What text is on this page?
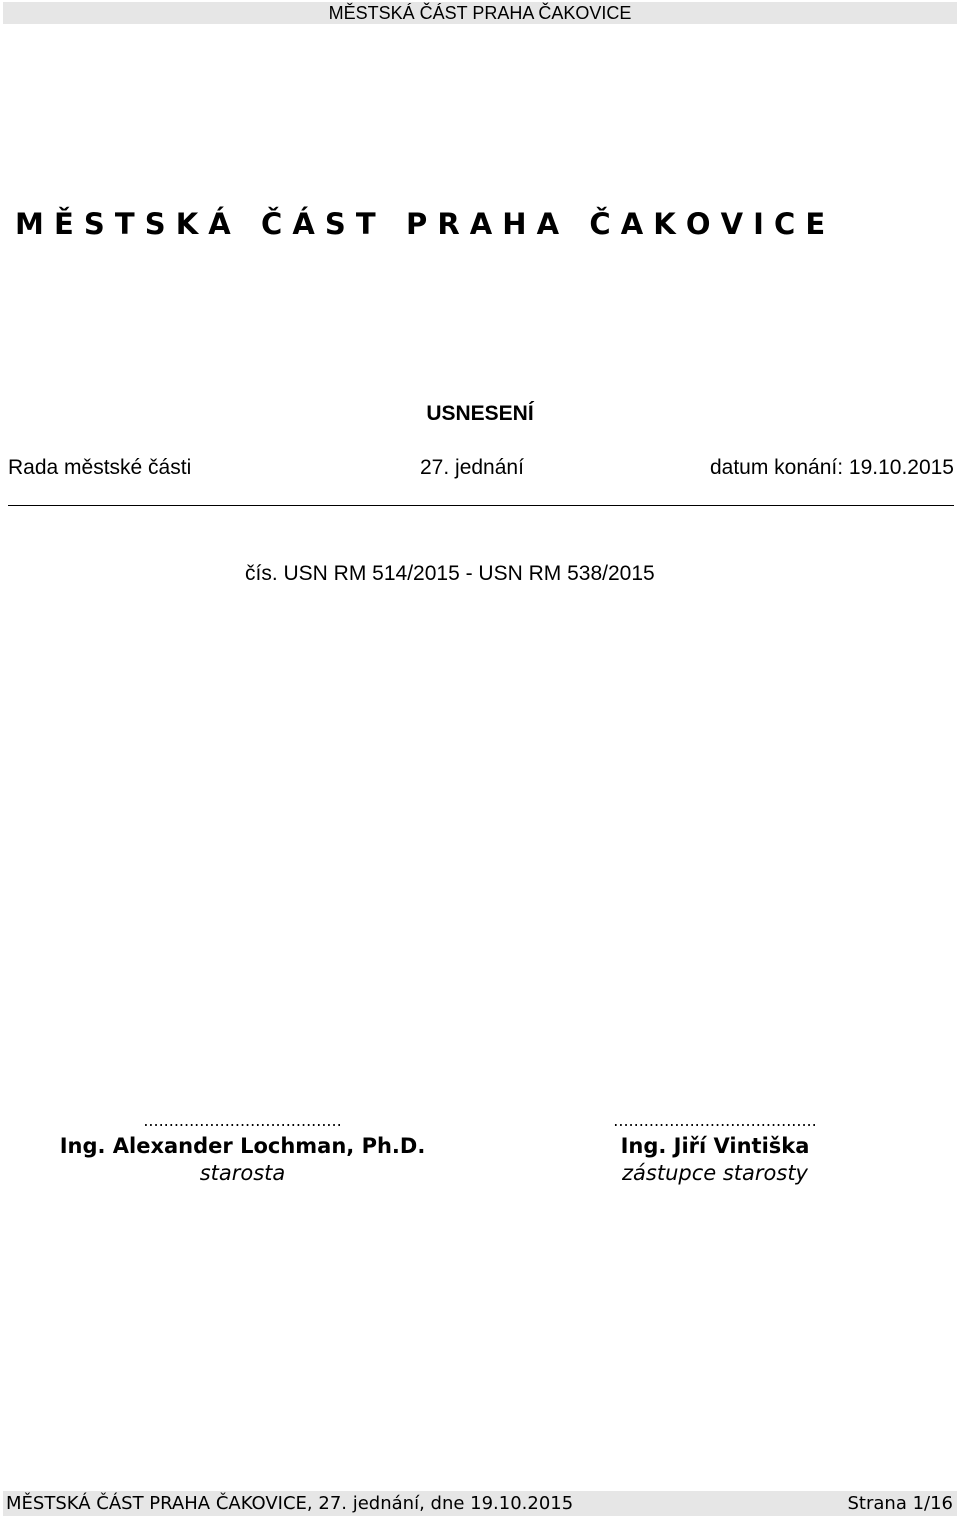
MĚSTSKÁ ČÁST PRAHA ČAKOVICE
M Ě S T S K Á   Č Á S T   P R A H A   Č A K O V I C E
USNESENÍ
Rada městské části	27. jednání	datum konání: 19.10.2015
čís. USN RM 514/2015 - USN RM 538/2015
.......................................
Ing. Alexander Lochman, Ph.D.
starosta
........................................
Ing. Jiří Vintiška
zástupce starosty
MĚSTSKÁ ČÁST PRAHA ČAKOVICE, 27. jednání, dne 19.10.2015	Strana 1/16
